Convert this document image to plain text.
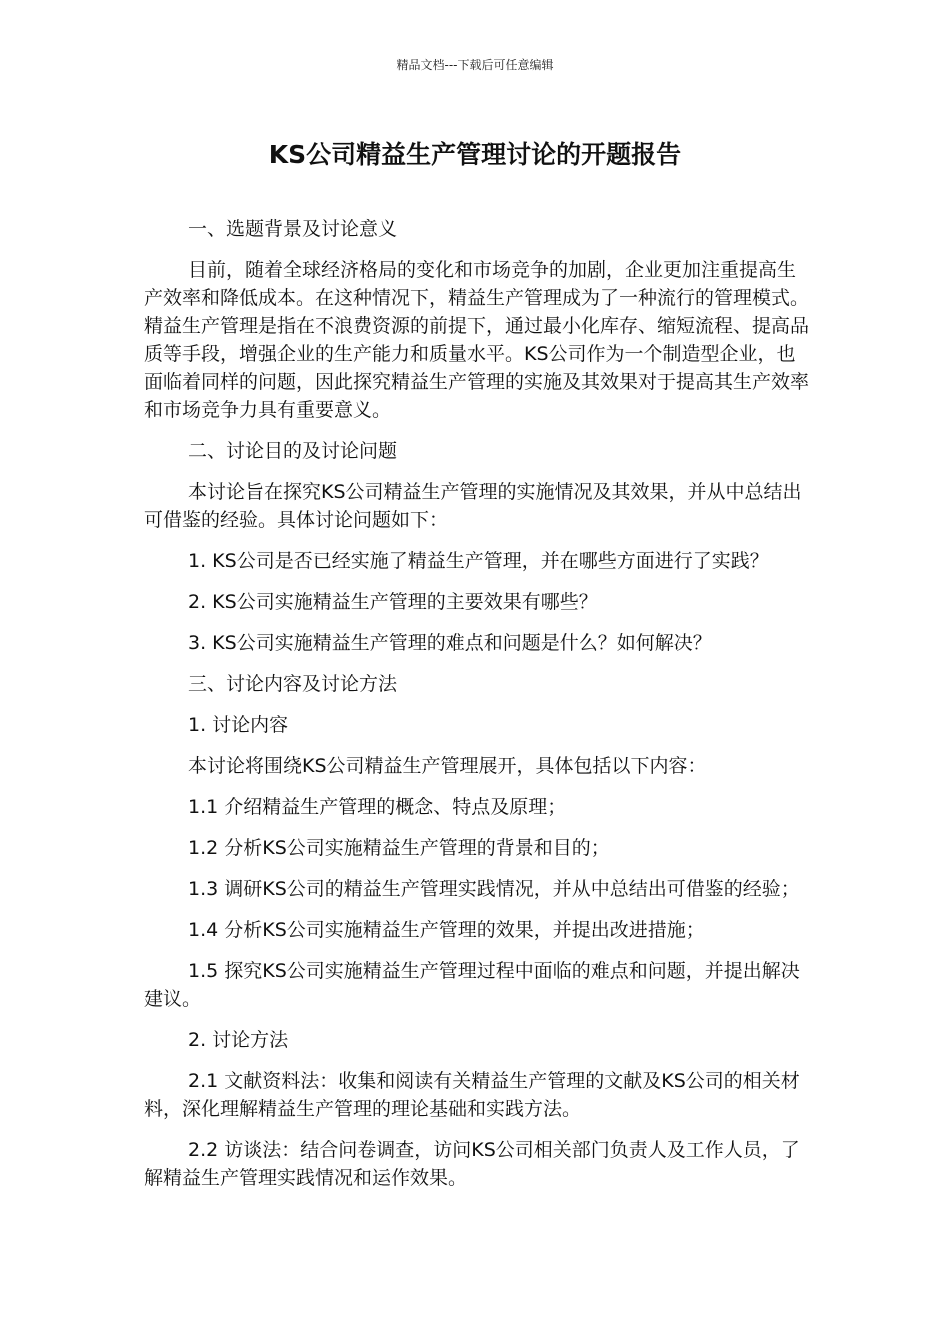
精品文档---下载后可任意编辑
KS公司精益生产管理讨论的开题报告

一、选题背景及讨论意义

目前，随着全球经济格局的变化和市场竞争的加剧，企业更加注重提高生产效率和降低成本。在这种情况下，精益生产管理成为了一种流行的管理模式。精益生产管理是指在不浪费资源的前提下，通过最小化库存、缩短流程、提高品质等手段，增强企业的生产能力和质量水平。KS公司作为一个制造型企业，也面临着同样的问题，因此探究精益生产管理的实施及其效果对于提高其生产效率和市场竞争力具有重要意义。

二、讨论目的及讨论问题

本讨论旨在探究KS公司精益生产管理的实施情况及其效果，并从中总结出可借鉴的经验。具体讨论问题如下：

1. KS公司是否已经实施了精益生产管理，并在哪些方面进行了实践？

2. KS公司实施精益生产管理的主要效果有哪些？

3. KS公司实施精益生产管理的难点和问题是什么？如何解决？

三、讨论内容及讨论方法

1. 讨论内容

本讨论将围绕KS公司精益生产管理展开，具体包括以下内容：

1.1 介绍精益生产管理的概念、特点及原理；

1.2 分析KS公司实施精益生产管理的背景和目的；

1.3 调研KS公司的精益生产管理实践情况，并从中总结出可借鉴的经验；

1.4 分析KS公司实施精益生产管理的效果，并提出改进措施；

1.5 探究KS公司实施精益生产管理过程中面临的难点和问题，并提出解决建议。

2. 讨论方法

2.1 文献资料法：收集和阅读有关精益生产管理的文献及KS公司的相关材料，深化理解精益生产管理的理论基础和实践方法。

2.2 访谈法：结合问卷调查，访问KS公司相关部门负责人及工作人员，了解精益生产管理实践情况和运作效果。
